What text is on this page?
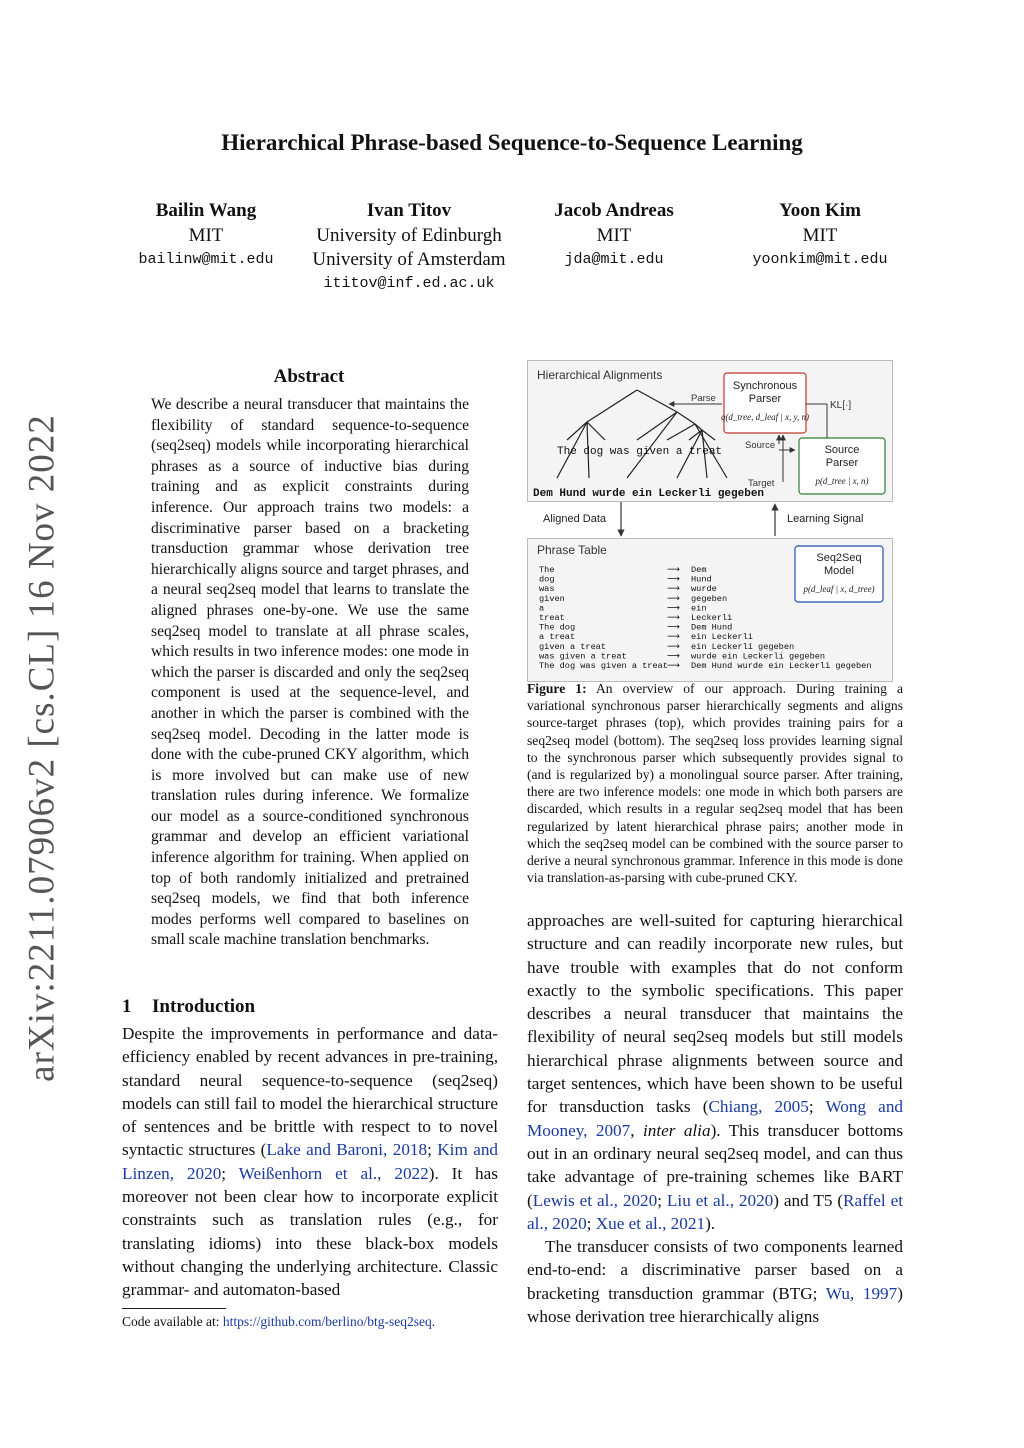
Hierarchical Phrase-based Sequence-to-Sequence Learning
Bailin Wang
MIT
bailinw@mit.edu
Ivan Titov
University of Edinburgh
University of Amsterdam
ititov@inf.ed.ac.uk
Jacob Andreas
MIT
jda@mit.edu
Yoon Kim
MIT
yoonkim@mit.edu
arXiv:2211.07906v2 [cs.CL] 16 Nov 2022
Abstract
We describe a neural transducer that maintains the flexibility of standard sequence-to-sequence (seq2seq) models while incorporating hierarchical phrases as a source of inductive bias during training and as explicit constraints during inference. Our approach trains two models: a discriminative parser based on a bracketing transduction grammar whose derivation tree hierarchically aligns source and target phrases, and a neural seq2seq model that learns to translate the aligned phrases one-by-one. We use the same seq2seq model to translate at all phrase scales, which results in two inference modes: one mode in which the parser is discarded and only the seq2seq component is used at the sequence-level, and another in which the parser is combined with the seq2seq model. Decoding in the latter mode is done with the cube-pruned CKY algorithm, which is more involved but can make use of new translation rules during inference. We formalize our model as a source-conditioned synchronous grammar and develop an efficient variational inference algorithm for training. When applied on top of both randomly initialized and pretrained seq2seq models, we find that both inference modes performs well compared to baselines on small scale machine translation benchmarks.
1 Introduction
Despite the improvements in performance and data-efficiency enabled by recent advances in pre-training, standard neural sequence-to-sequence (seq2seq) models can still fail to model the hierarchical structure of sentences and be brittle with respect to to novel syntactic structures (Lake and Baroni, 2018; Kim and Linzen, 2020; Weißenhorn et al., 2022). It has moreover not been clear how to incorporate explicit constraints such as translation rules (e.g., for translating idioms) into these black-box models without changing the underlying architecture. Classic grammar- and automaton-based
Code available at: https://github.com/berlino/btg-seq2seq.
Hierarchical Alignments
The dog was given a treat
Dem Hund wurde ein Leckerli gegeben
Parse
Synchronous
Parser
q(d_tree, d_leaf | x, y, n)
KL[·]
Source
Parser
p(d_tree | x, n)
Source
Target
Aligned Data	Learning Signal
Phrase Table
The	⟶ Dem
dog	⟶ Hund
was	⟶ wurde
given	⟶ gegeben
a	⟶ ein
treat	⟶ Leckerli
The dog	⟶ Dem Hund
a treat	⟶ ein Leckerli
given a treat	⟶ ein Leckerli gegeben
was given a treat	⟶ wurde ein Leckerli gegeben
The dog was given a treat ⟶ Dem Hund wurde ein Leckerli gegeben
Seq2Seq
Model
p(d_leaf | x, d_tree)
Figure 1: An overview of our approach. During training a variational synchronous parser hierarchically segments and aligns source-target phrases (top), which provides training pairs for a seq2seq model (bottom). The seq2seq loss provides learning signal to the synchronous parser which subsequently provides signal to (and is regularized by) a monolingual source parser. After training, there are two inference models: one mode in which both parsers are discarded, which results in a regular seq2seq model that has been regularized by latent hierarchical phrase pairs; another mode in which the seq2seq model can be combined with the source parser to derive a neural synchronous grammar. Inference in this mode is done via translation-as-parsing with cube-pruned CKY.

approaches are well-suited for capturing hierarchical structure and can readily incorporate new rules, but have trouble with examples that do not conform exactly to the symbolic specifications. This paper describes a neural transducer that maintains the flexibility of neural seq2seq models but still models hierarchical phrase alignments between source and target sentences, which have been shown to be useful for transduction tasks (Chiang, 2005; Wong and Mooney, 2007, inter alia). This transducer bottoms out in an ordinary neural seq2seq model, and can thus take advantage of pre-training schemes like BART (Lewis et al., 2020; Liu et al., 2020) and T5 (Raffel et al., 2020; Xue et al., 2021).

The transducer consists of two components learned end-to-end: a discriminative parser based on a bracketing transduction grammar (BTG; Wu, 1997) whose derivation tree hierarchically aligns
